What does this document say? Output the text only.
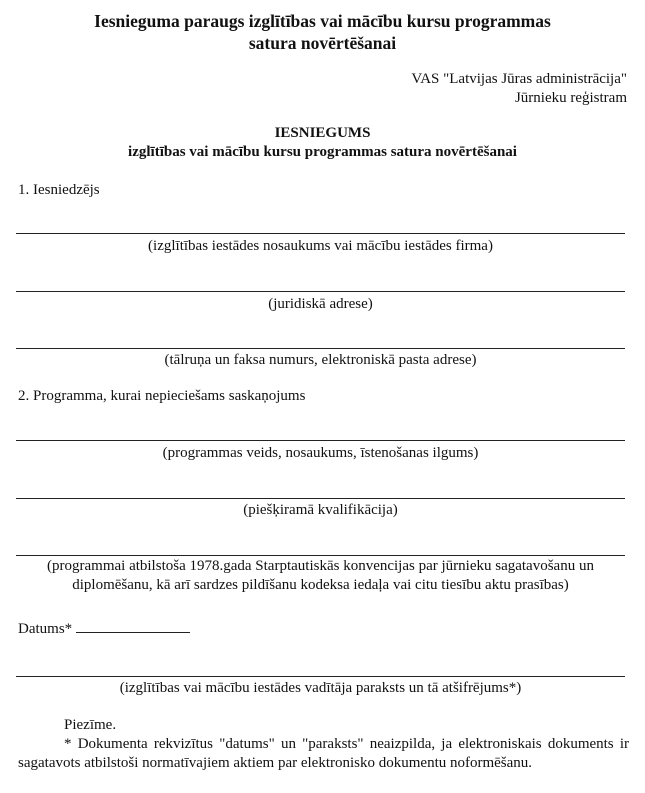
Iesnieguma paraugs izglītības vai mācību kursu programmas
satura novērtēšanai
VAS "Latvijas Jūras administrācija"
Jūrnieku reģistram
IESNIEGUMS
izglītības vai mācību kursu programmas satura novērtēšanai
1. Iesniedzējs
(izglītības iestādes nosaukums vai mācību iestādes firma)
(juridiskā adrese)
(tālruņa un faksa numurs, elektroniskā pasta adrese)
2. Programma, kurai nepieciešams saskaņojums
(programmas veids, nosaukums, īstenošanas ilgums)
(piešķiramā kvalifikācija)
(programmai atbilstoša 1978.gada Starptautiskās konvencijas par jūrnieku sagatavošanu un
diplomēšanu, kā arī sardzes pildīšanu kodeksa iedaļa vai citu tiesību aktu prasības)
Datums*
(izglītības vai mācību iestādes vadītāja paraksts un tā atšifrējums*)

Piezīme.

* Dokumenta rekvizītus "datums" un "paraksts" neaizpilda, ja elektroniskais dokuments ir sagatavots atbilstoši normatīvajiem aktiem par elektronisko dokumentu noformēšanu.
